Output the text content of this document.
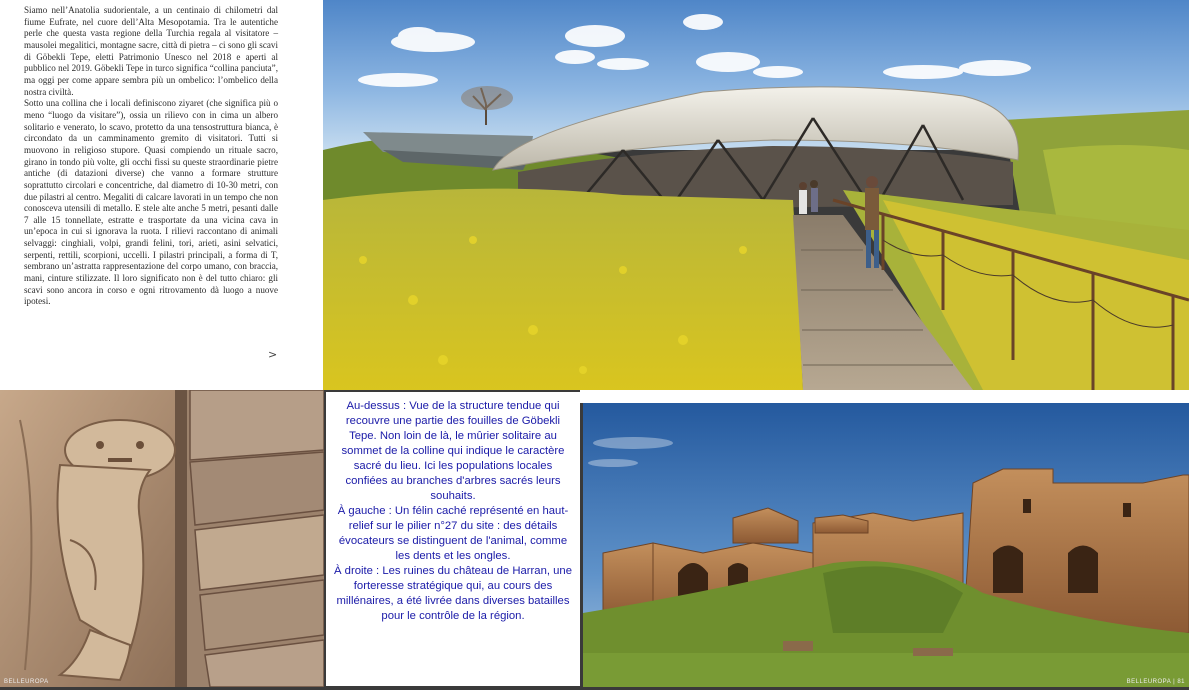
Siamo nell’Anatolia sudorientale, a un centinaio di chilometri dal fiume Eufrate, nel cuore dell’Alta Mesopotamia. Tra le autentiche perle che questa vasta regione della Turchia regala al visitatore – mausolei megalitici, montagne sacre, città di pietra – ci sono gli scavi di Göbekli Tepe, eletti Patrimonio Unesco nel 2018 e aperti al pubblico nel 2019. Göbekli Tepe in turco significa “collina panciuta”, ma oggi per come appare sembra più un ombelico: l’ombelico della nostra civiltà.

Sotto una collina che i locali definiscono ziyaret (che significa più o meno “luogo da visitare”), ossia un rilievo con in cima un albero solitario e venerato, lo scavo, protetto da una tensostruttura bianca, è circondato da un camminamento gremito di visitatori. Tutti si muovono in religioso stupore. Quasi compiendo un rituale sacro, girano in tondo più volte, gli occhi fissi su queste straordinarie pietre antiche (di datazioni diverse) che vanno a formare strutture soprattutto circolari e concentriche, dal diametro di 10-30 metri, con due pilastri al centro. Megaliti di calcare lavorati in un tempo che non conosceva utensili di metallo. E stele alte anche 5 metri, pesanti dalle 7 alle 15 tonnellate, estratte e trasportate da una vicina cava in un’epoca in cui si ignorava la ruota. I rilievi raccontano di animali selvaggi: cinghiali, volpi, grandi felini, tori, arieti, asini selvatici, serpenti, rettili, scorpioni, uccelli. I pilastri principali, a forma di T, sembrano un’astratta rappresentazione del corpo umano, con braccia, mani, cinture stilizzate. Il loro significato non è del tutto chiaro: gli scavi sono ancora in corso e ogni ritrovamento dà luogo a nuove ipotesi.

>
BELLEUROPA

Au-dessus : Vue de la structure tendue qui recouvre une partie des fouilles de Göbekli Tepe. Non loin de là, le mûrier solitaire au sommet de la colline qui indique le caractère sacré du lieu. Ici les populations locales confiées au branches d'arbres sacrés leurs souhaits.

À gauche : Un félin caché représenté en haut-relief sur le pilier n°27 du site : des détails évocateurs se distinguent de l'animal, comme les dents et les ongles.

À droite : Les ruines du château de Harran, une forteresse stratégique qui, au cours des millénaires, a été livrée dans diverses batailles pour le contrôle de la région.

BELLEUROPA | 81
